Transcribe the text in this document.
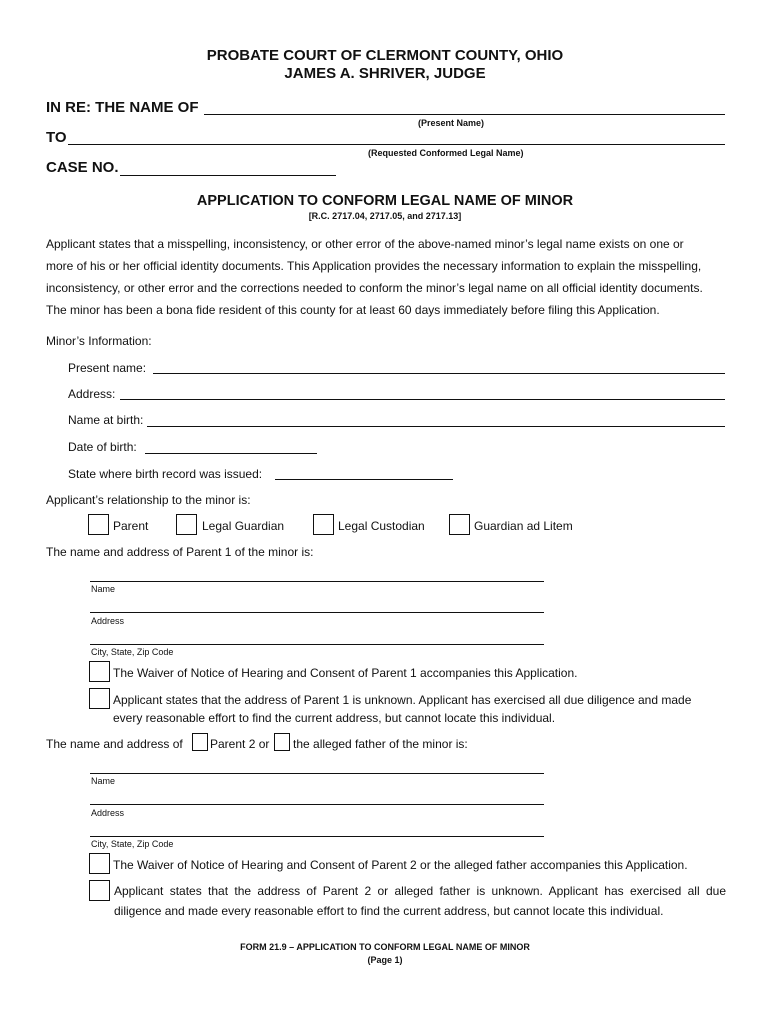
PROBATE COURT OF CLERMONT COUNTY, OHIO
JAMES A. SHRIVER, JUDGE
IN RE: THE NAME OF
(Present Name)
TO
(Requested Conformed Legal Name)
CASE NO.
APPLICATION TO CONFORM LEGAL NAME OF MINOR
[R.C. 2717.04, 2717.05, and 2717.13]
Applicant states that a misspelling, inconsistency, or other error of the above-named minor’s legal name exists on one or
more of his or her official identity documents. This Application provides the necessary information to explain the misspelling,
inconsistency, or other error and the corrections needed to conform the minor’s legal name on all official identity documents.
The minor has been a bona fide resident of this county for at least 60 days immediately before filing this Application.
Minor’s Information:
Present name:
Address:
Name at birth:
Date of birth:
State where birth record was issued:
Applicant’s relationship to the minor is:
Parent	Legal Guardian	Legal Custodian	Guardian ad Litem
The name and address of Parent 1 of the minor is:
Name
Address
City, State, Zip Code
The Waiver of Notice of Hearing and Consent of Parent 1 accompanies this Application.
Applicant states that the address of Parent 1 is unknown. Applicant has exercised all due diligence and made
every reasonable effort to find the current address, but cannot locate this individual.
The name and address of Parent 2 or the alleged father of the minor is:
Name
Address
City, State, Zip Code
The Waiver of Notice of Hearing and Consent of Parent 2 or the alleged father accompanies this Application.
Applicant states that the address of Parent 2 or alleged father is unknown. Applicant has exercised all due
diligence and made every reasonable effort to find the current address, but cannot locate this individual.
FORM 21.9 – APPLICATION TO CONFORM LEGAL NAME OF MINOR
(Page 1)
